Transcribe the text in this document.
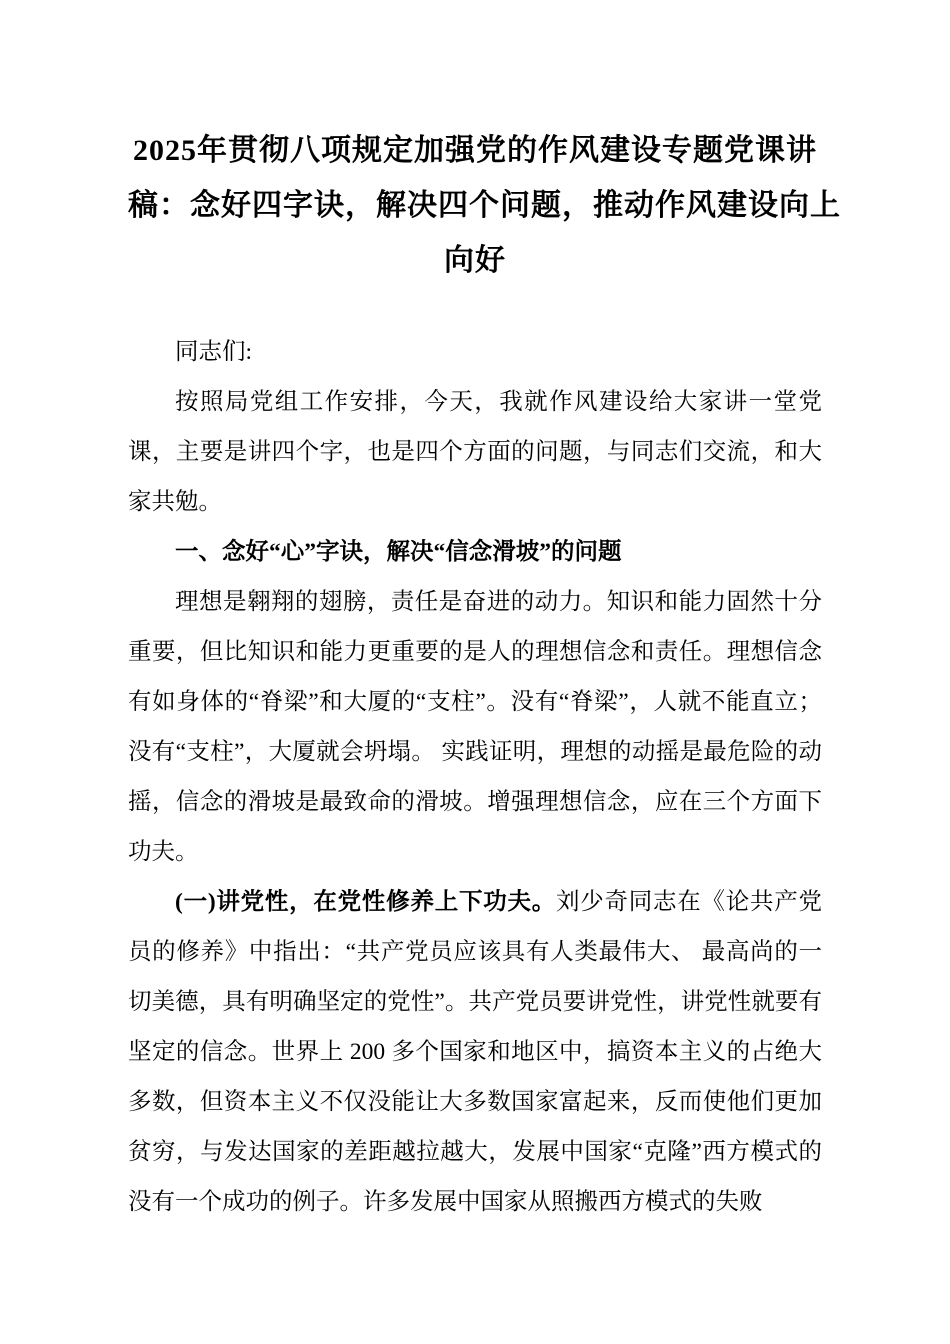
2025年贯彻八项规定加强党的作风建设专题党课讲
稿：念好四字诀，解决四个问题，推动作风建设向上
向好

同志们:

按照局党组工作安排，今天，我就作风建设给大家讲一堂党课，主要是讲四个字，也是四个方面的问题，与同志们交流，和大家共勉。

一、念好“心”字诀，解决“信念滑坡”的问题

理想是翱翔的翅膀，责任是奋进的动力。知识和能力固然十分重要，但比知识和能力更重要的是人的理想信念和责任。理想信念有如身体的“脊梁”和大厦的“支柱”。没有“脊梁”，人就不能直立；没有“支柱”，大厦就会坍塌。 实践证明，理想的动摇是最危险的动摇，信念的滑坡是最致命的滑坡。增强理想信念，应在三个方面下功夫。

(一)讲党性，在党性修养上下功夫。刘少奇同志在《论共产党员的修养》中指出：“共产党员应该具有人类最伟大、 最高尚的一切美德，具有明确坚定的党性”。共产党员要讲党性，讲党性就要有坚定的信念。世界上 200 多个国家和地区中，搞资本主义的占绝大多数，但资本主义不仅没能让大多数国家富起来，反而使他们更加贫穷，与发达国家的差距越拉越大，发展中国家“克隆”西方模式的没有一个成功的例子。许多发展中国家从照搬西方模式的失败
